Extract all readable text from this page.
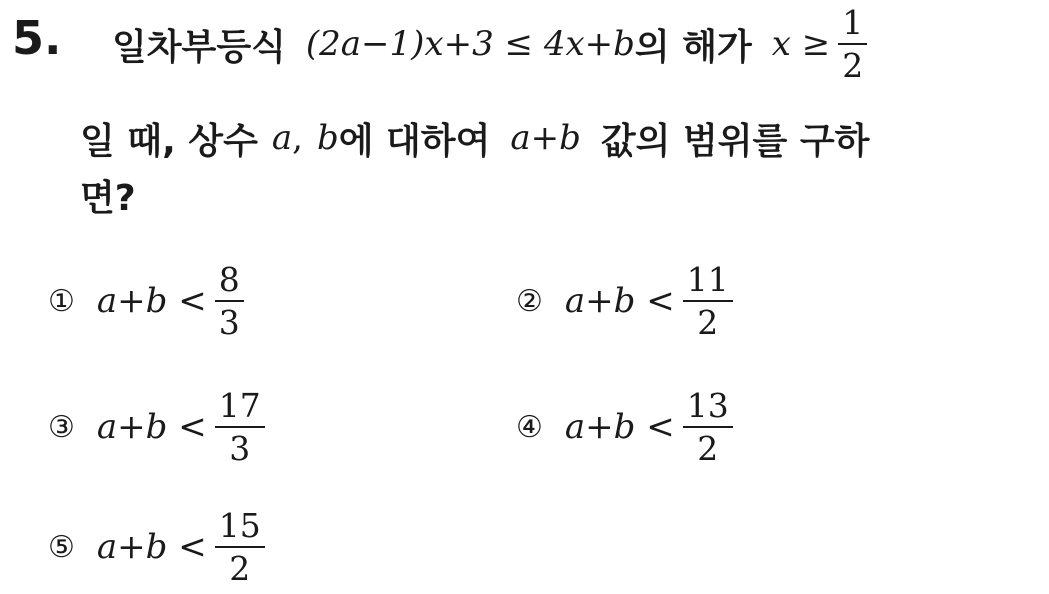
5. 일차부등식 (2a−1)x+3 ≤ 4x+b 의 해가 $x \ge \frac{1}{2}$
일 때, 상수 a , b 에 대하여 a+b 값의 범위를 구하
면?
① $a+b < \frac{8}{3}$	② $a+b < \frac{11}{2}$
③ $a+b < \frac{17}{3}$	④ $a+b < \frac{13}{2}$
⑤ $a+b < \frac{15}{2}$
